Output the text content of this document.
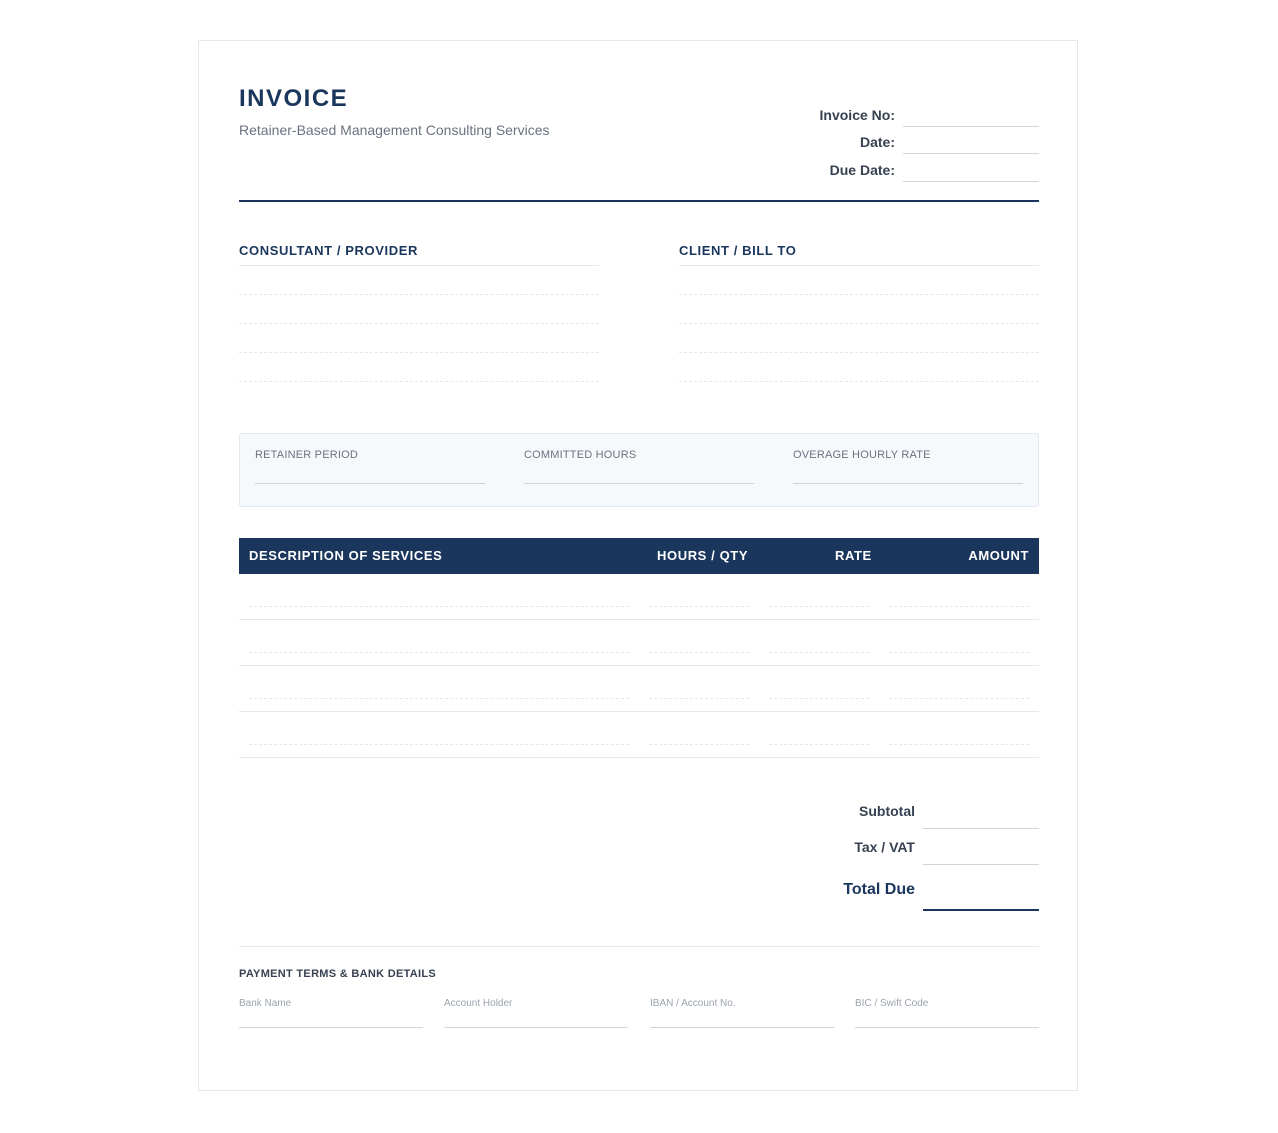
INVOICE
Retainer-Based Management Consulting Services
Invoice No:
Date:
Due Date:
CONSULTANT / PROVIDER	CLIENT / BILL TO
RETAINER PERIOD	COMMITTED HOURS	OVERAGE HOURLY RATE
DESCRIPTION OF SERVICES	HOURS / QTY	RATE	AMOUNT
Subtotal
Tax / VAT
Total Due
PAYMENT TERMS & BANK DETAILS
Bank Name	Account Holder	IBAN / Account No.	BIC / Swift Code
